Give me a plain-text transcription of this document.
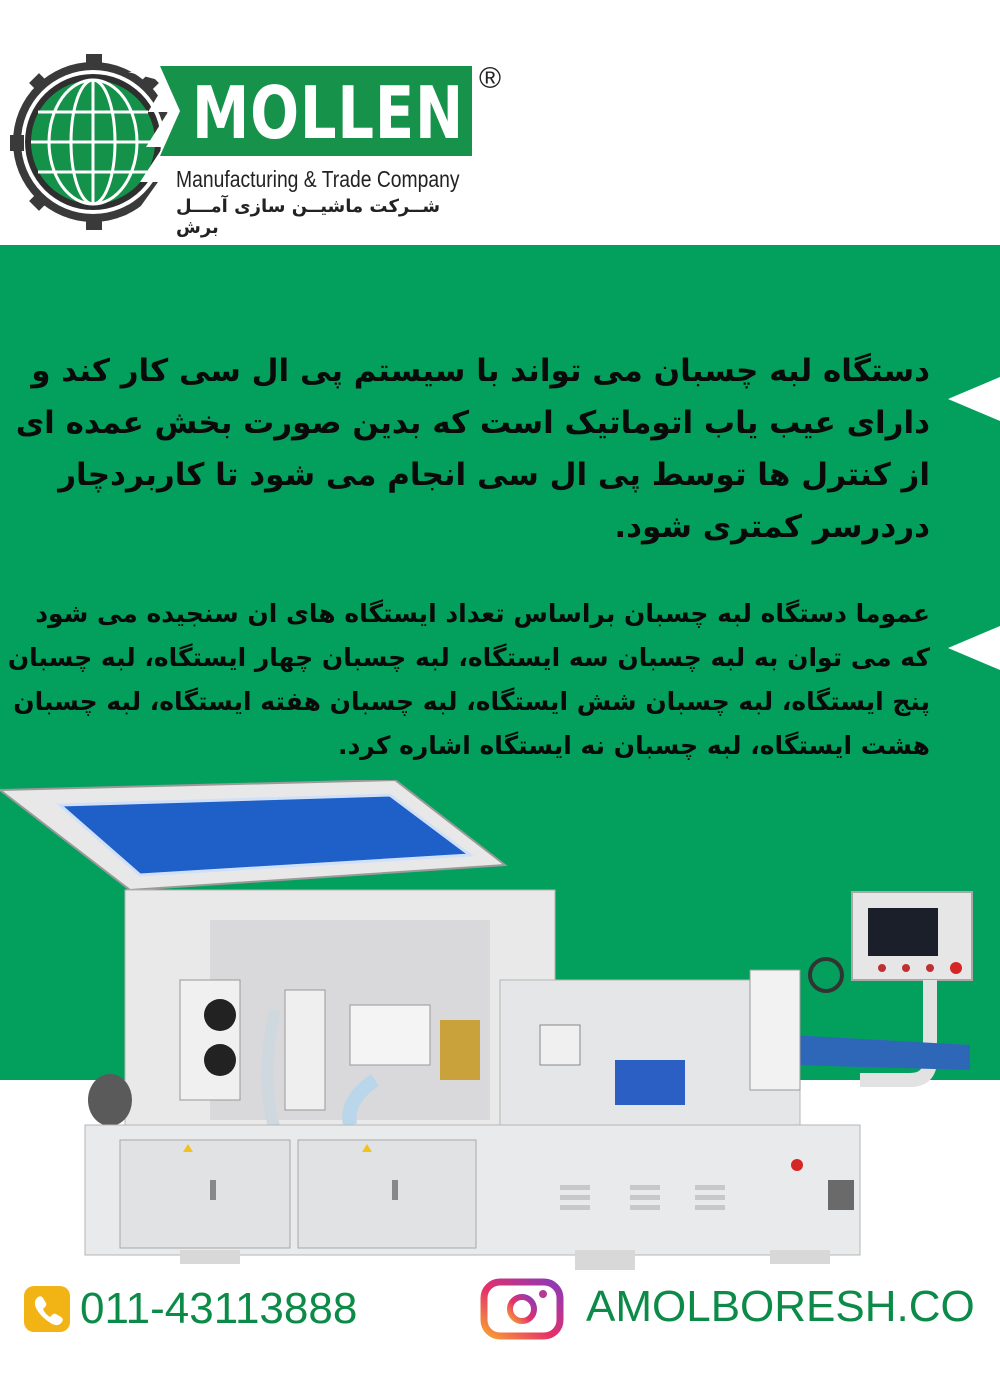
MOLLEN ®
Manufacturing & Trade Company
شــرکت ماشیــن سازی آمـــل برش
دستگاه لبه چسبان می تواند با سیستم پی ال سی کار کند و دارای عیب یاب اتوماتیک است که بدین صورت بخش عمده ای از کنترل ها توسط پی ال سی انجام می شود تا کاربردچار دردرسر کمتری شود.
عموما دستگاه لبه چسبان براساس تعداد ایستگاه های ان سنجیده می شود که می توان به لبه چسبان سه ایستگاه، لبه چسبان چهار ایستگاه، لبه چسبان پنج ایستگاه، لبه چسبان شش ایستگاه، لبه چسبان هفته ایستگاه، لبه چسبان هشت ایستگاه، لبه چسبان نه ایستگاه اشاره کرد.
011-43113888	AMOLBORESH.CO
